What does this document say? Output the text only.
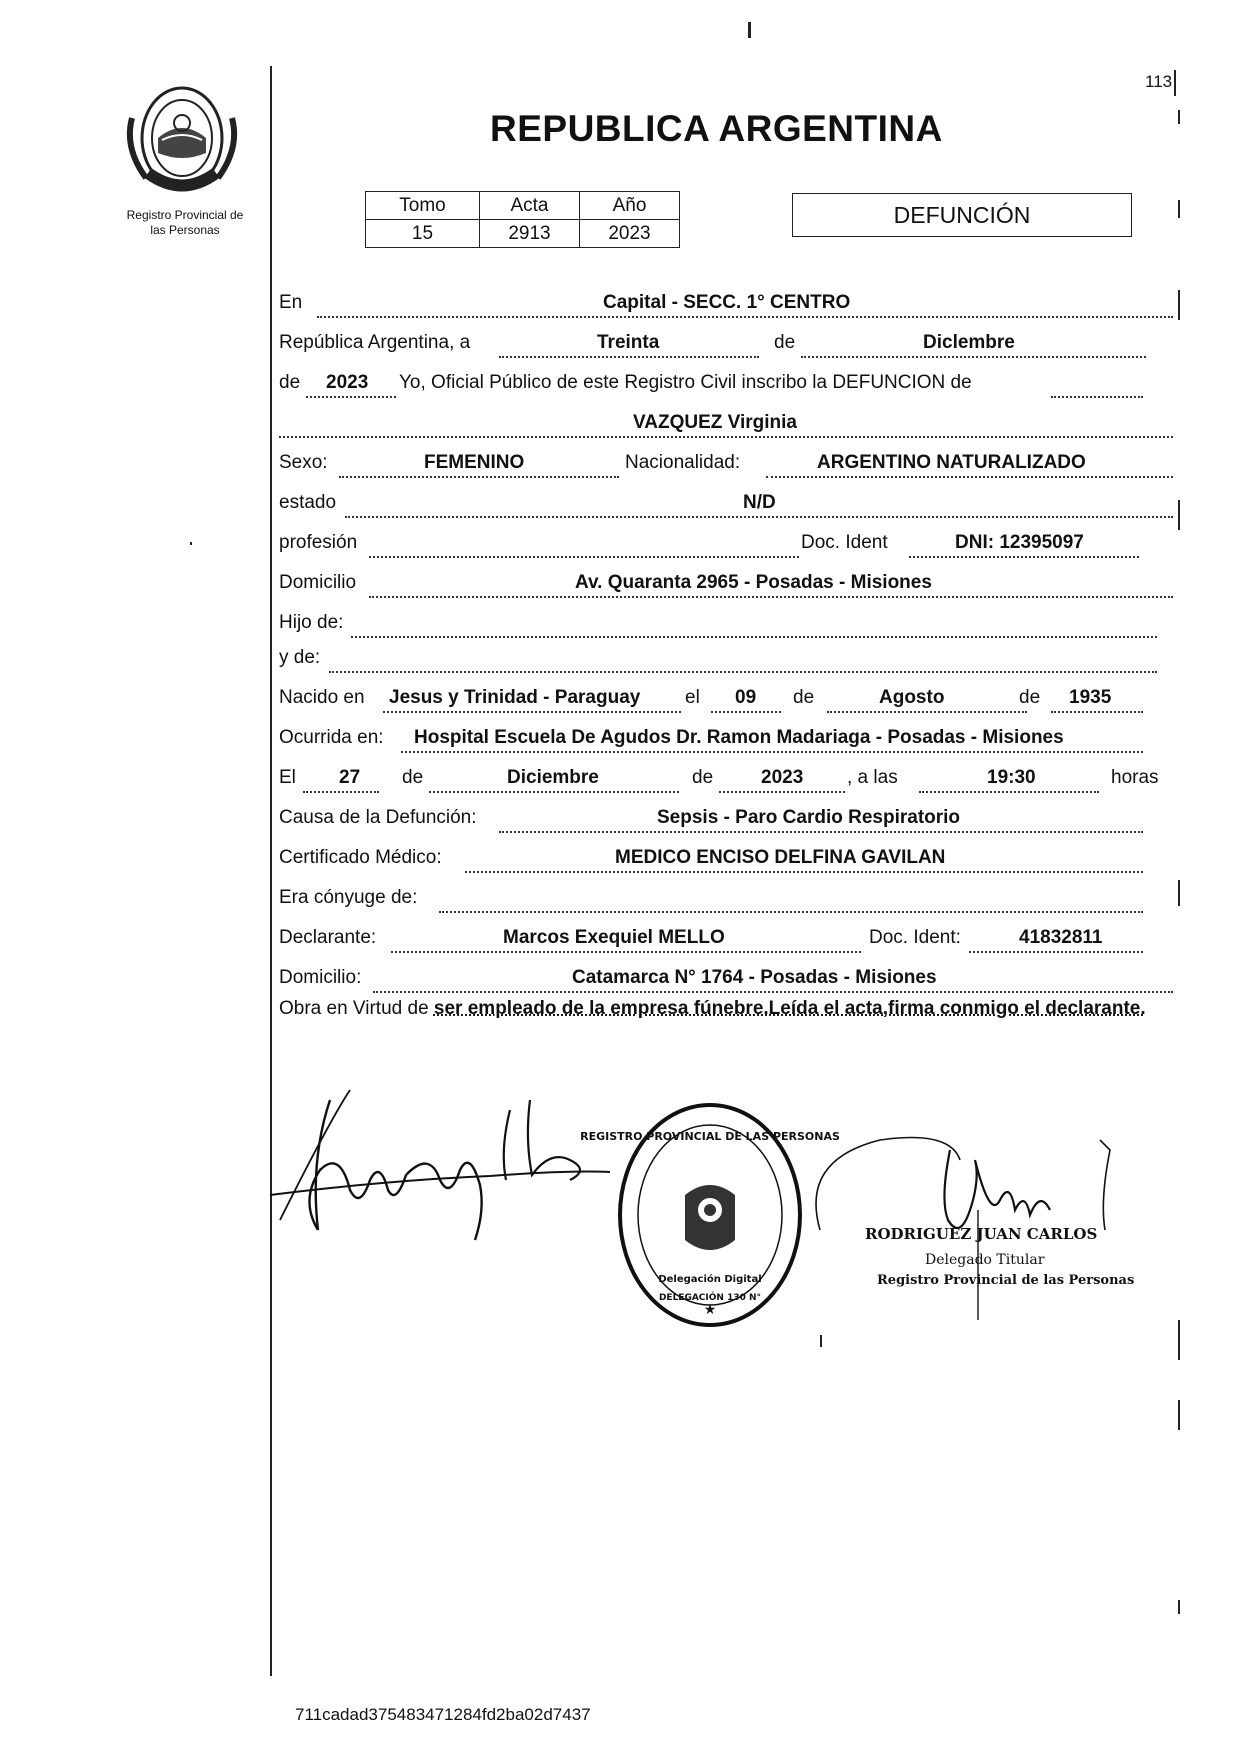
113
Registro Provincial de
las Personas
REPUBLICA ARGENTINA
Tomo	Acta	Año
15	2913	2023
DEFUNCIÓN
En	Capital - SECC. 1° CENTRO
República Argentina, a	Treinta	de	Diclembre
de 2023 Yo, Oficial Público de este Registro Civil inscribo la DEFUNCION de
VAZQUEZ Virginia
Sexo:	FEMENINO	Nacionalidad:	ARGENTINO NATURALIZADO
estado	N/D
profesión	Doc. Ident	DNI: 12395097
Domicilio	Av. Quaranta 2965 - Posadas - Misiones
Hijo de:
y de:
Nacido en Jesus y Trinidad - Paraguay el 09 de	Agosto	de 1935
Ocurrida en: Hospital Escuela De Agudos Dr. Ramon Madariaga - Posadas - Misiones
El 27 de	Diciembre	de	2023 , a las	19:30	horas
Causa de la Defunción:	Sepsis - Paro Cardio Respiratorio
Certificado Médico:	MEDICO ENCISO DELFINA GAVILAN
Era cónyuge de:
Declarante:	Marcos Exequiel MELLO	Doc. Ident:	41832811
Domicilio:	Catamarca N° 1764 - Posadas - Misiones
Obra en Virtud de ser empleado de la empresa fúnebre.Leída el acta,firma conmigo el declarante.
REGISTRO PROVINCIAL DE LAS PERSONAS
Delegación Digital
DELEGACIÓN 130 N°
★
RODRIGUEZ JUAN CARLOS
Delegado Titular
Registro Provincial de las Personas
711cadad375483471284fd2ba02d7437
